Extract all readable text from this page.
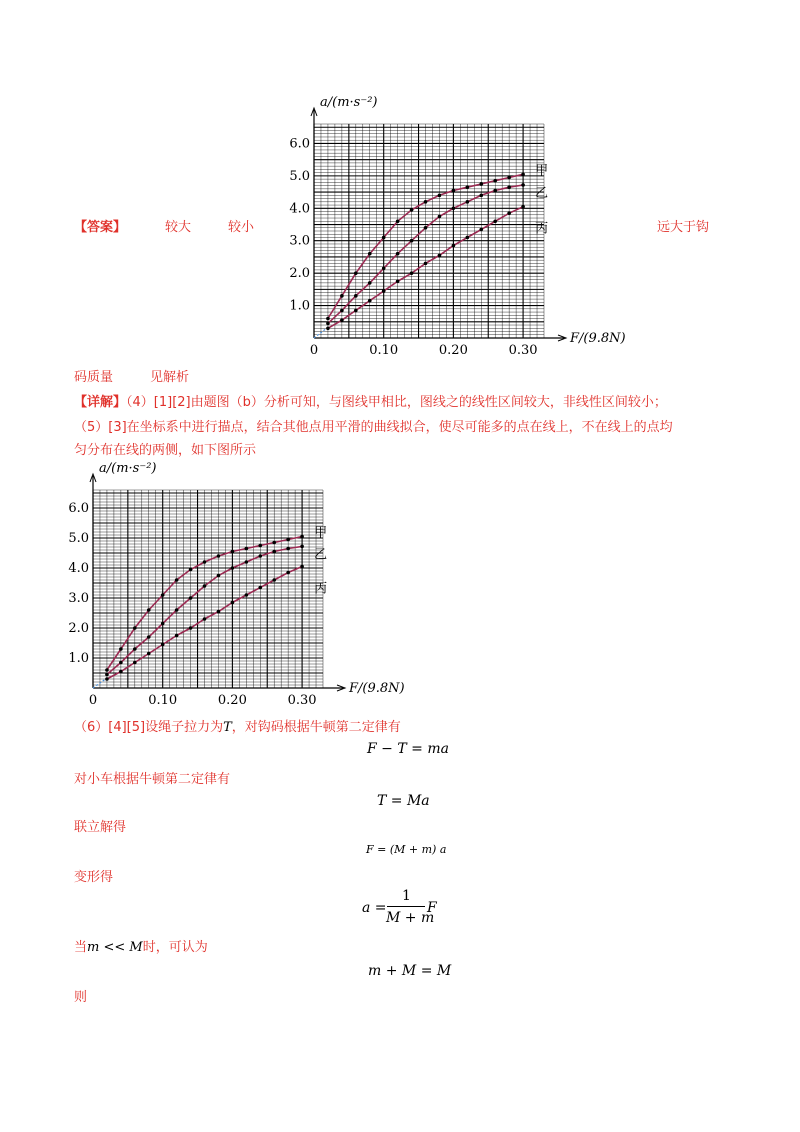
【答案】	较大	较小	远大于钩
1.0
2.0
3.0
4.0
5.0
6.0
0	0.10	0.20	0.30
a/(m·s⁻²)
F/(9.8N)
甲
乙
丙
码质量	见解析
【详解】（4）[1][2]由题图（b）分析可知，与图线甲相比，图线之的线性区间较大，非线性区间较小；
（5）[3]在坐标系中进行描点，结合其他点用平滑的曲线拟合，使尽可能多的点在线上，不在线上的点均
匀分布在线的两侧，如下图所示
1.0
2.0
3.0
4.0
5.0
6.0
0	0.10	0.20	0.30
a/(m·s⁻²)
F/(9.8N)
甲
乙
丙
（6）[4][5]设绳子拉力为T，对钩码根据牛顿第二定律有
F − T = ma
对小车根据牛顿第二定律有
T = Ma
联立解得
F = (M + m) a
变形得
a =
1
M + m
F
当m << M时，可认为
m + M = M
则
